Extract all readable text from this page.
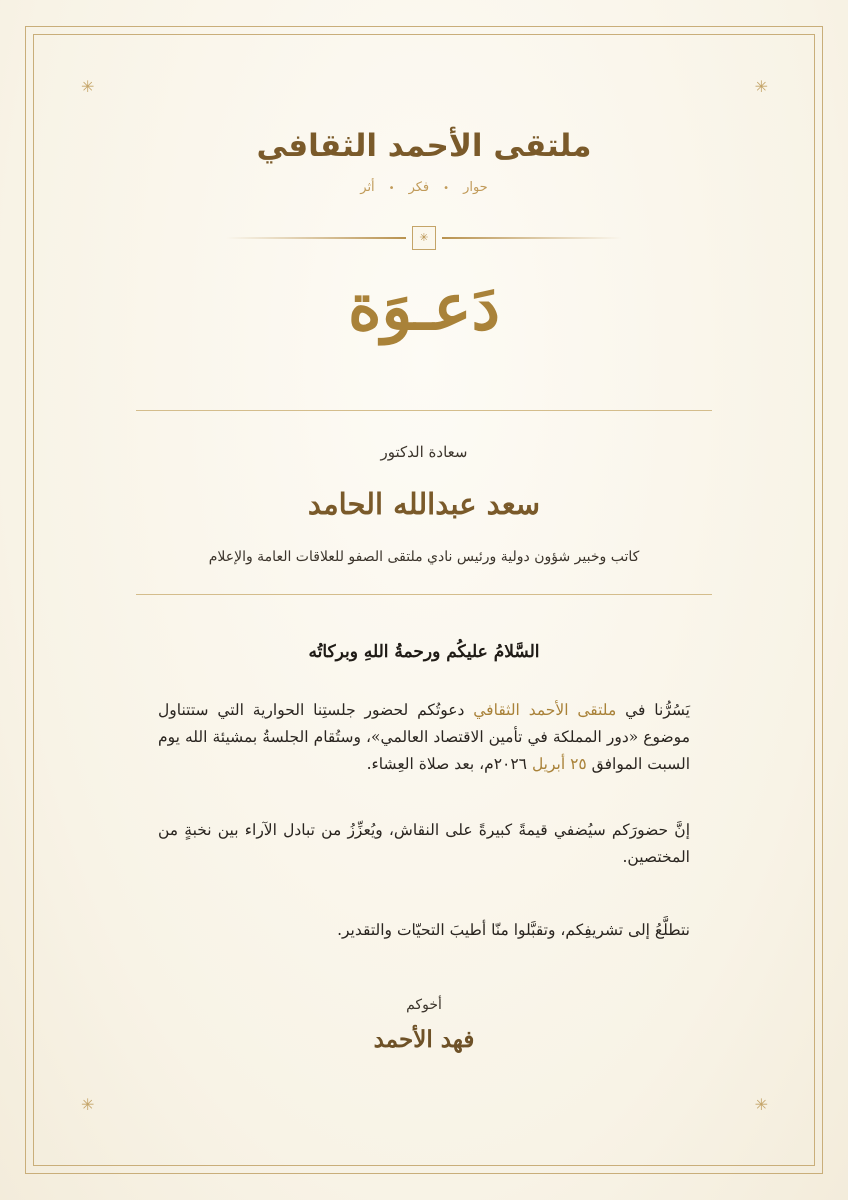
✳	✳
✳	✳
ملتقى الأحمد الثقافي
حوار•فكر•أثر
✳
دَعـوَة
سعادة الدكتور
سعد عبدالله الحامد
كاتب وخبير شؤون دولية ورئيس نادي ملتقى الصفو للعلاقات العامة والإعلام
السَّلامُ عليكُم ورحمةُ اللهِ وبركاتُه
يَسُرُّنا في ملتقى الأحمد الثقافي دعوتُكم لحضور جلستِنا الحوارية التي ستتناول موضوع «دور المملكة في تأمين الاقتصاد العالمي»، وستُقام الجلسةُ بمشيئة الله يوم السبت الموافق ٢٥ أبريل ٢٠٢٦م، بعد صلاة العِشاء.
إنَّ حضورَكم سيُضفي قيمةً كبيرةً على النقاش، ويُعزِّزُ من تبادل الآراء بين نخبةٍ من المختصين.
نتطلَّعُ إلى تشريفِكم، وتقبَّلوا منّا أطيبَ التحيّات والتقدير.
أخوكم
فهد الأحمد
